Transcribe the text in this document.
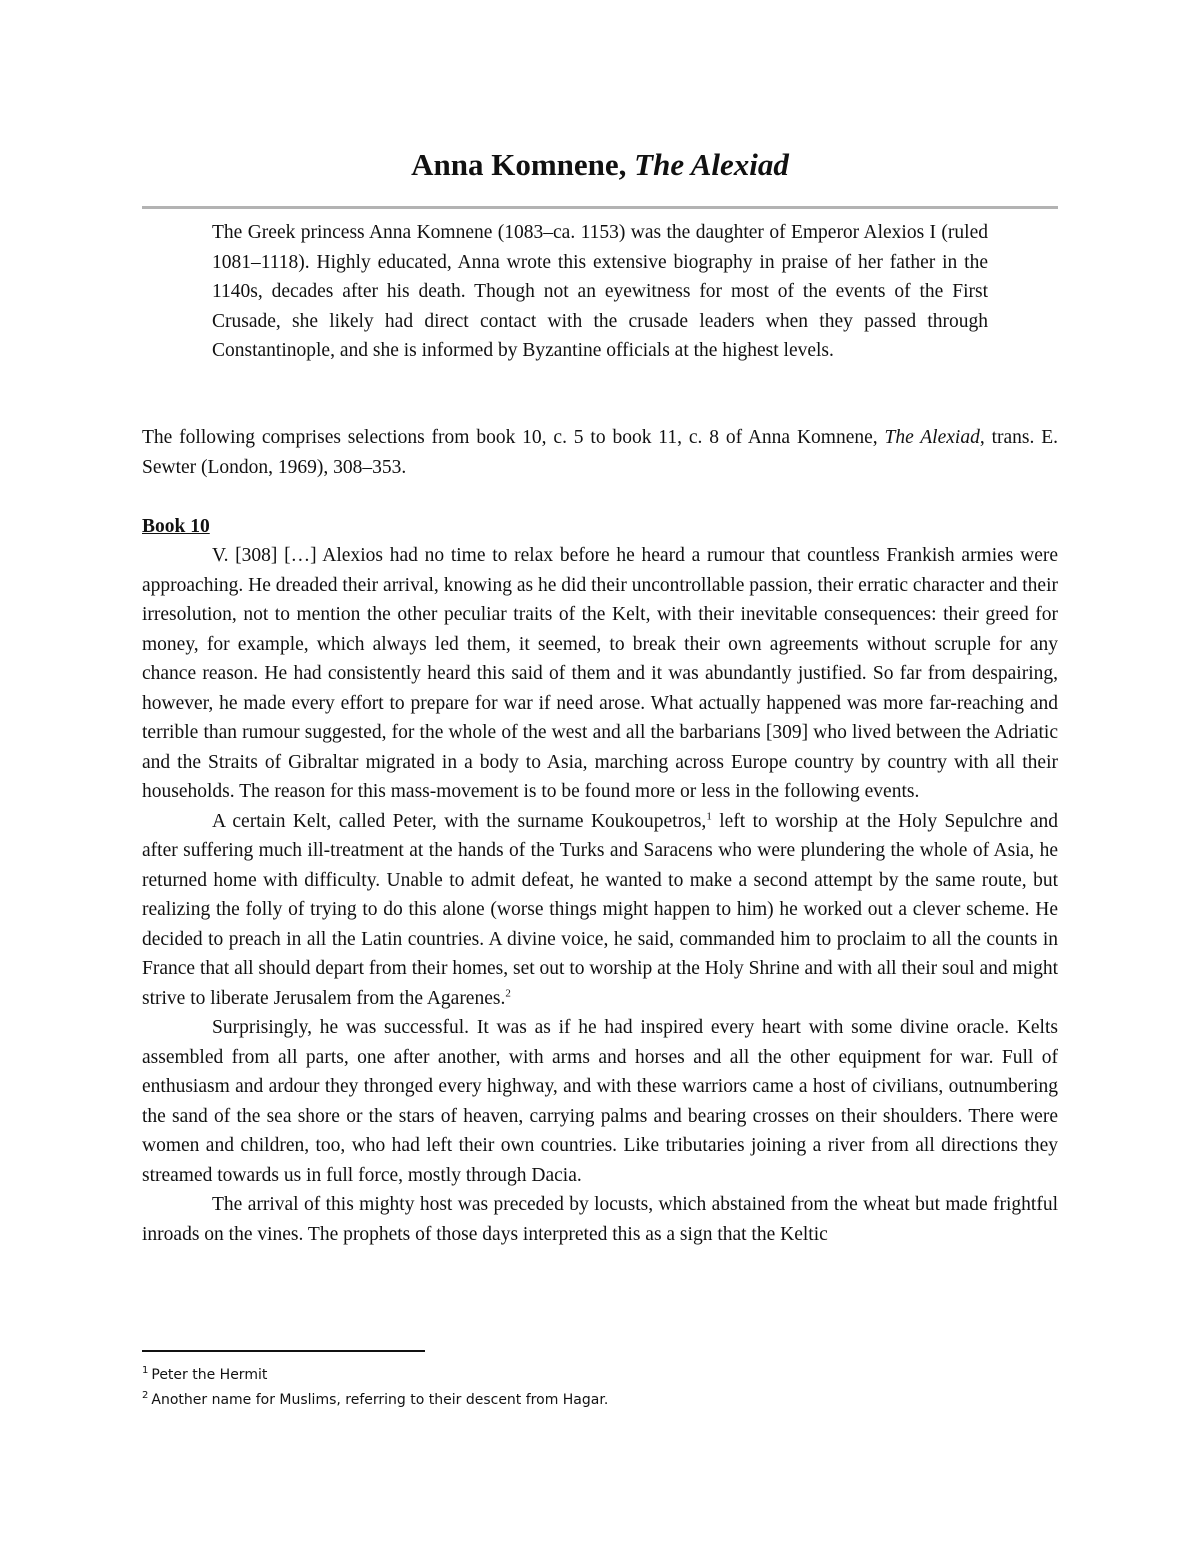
Anna Komnene, The Alexiad

The Greek princess Anna Komnene (1083–ca. 1153) was the daughter of Emperor Alexios I (ruled 1081–1118). Highly educated, Anna wrote this extensive biography in praise of her father in the 1140s, decades after his death. Though not an eyewitness for most of the events of the First Crusade, she likely had direct contact with the crusade leaders when they passed through Constantinople, and she is informed by Byzantine officials at the highest levels.

The following comprises selections from book 10, c. 5 to book 11, c. 8 of Anna Komnene, The Alexiad, trans. E. Sewter (London, 1969), 308–353.

Book 10

V. [308] […] Alexios had no time to relax before he heard a rumour that countless Frankish armies were approaching. He dreaded their arrival, knowing as he did their uncontrollable passion, their erratic character and their irresolution, not to mention the other peculiar traits of the Kelt, with their inevitable consequences: their greed for money, for example, which always led them, it seemed, to break their own agreements without scruple for any chance reason. He had consistently heard this said of them and it was abundantly justified. So far from despairing, however, he made every effort to prepare for war if need arose. What actually happened was more far-reaching and terrible than rumour suggested, for the whole of the west and all the barbarians [309] who lived between the Adriatic and the Straits of Gibraltar migrated in a body to Asia, marching across Europe country by country with all their households. The reason for this mass-movement is to be found more or less in the following events.

A certain Kelt, called Peter, with the surname Koukoupetros,$^1$ left to worship at the Holy Sepulchre and after suffering much ill-treatment at the hands of the Turks and Saracens who were plundering the whole of Asia, he returned home with difficulty. Unable to admit defeat, he wanted to make a second attempt by the same route, but realizing the folly of trying to do this alone (worse things might happen to him) he worked out a clever scheme. He decided to preach in all the Latin countries. A divine voice, he said, commanded him to proclaim to all the counts in France that all should depart from their homes, set out to worship at the Holy Shrine and with all their soul and might strive to liberate Jerusalem from the Agarenes.$^2$

Surprisingly, he was successful. It was as if he had inspired every heart with some divine oracle. Kelts assembled from all parts, one after another, with arms and horses and all the other equipment for war. Full of enthusiasm and ardour they thronged every highway, and with these warriors came a host of civilians, outnumbering the sand of the sea shore or the stars of heaven, carrying palms and bearing crosses on their shoulders. There were women and children, too, who had left their own countries. Like tributaries joining a river from all directions they streamed towards us in full force, mostly through Dacia.

The arrival of this mighty host was preceded by locusts, which abstained from the wheat but made frightful inroads on the vines. The prophets of those days interpreted this as a sign that the Keltic

$^1$ Peter the Hermit

$^2$ Another name for Muslims, referring to their descent from Hagar.
